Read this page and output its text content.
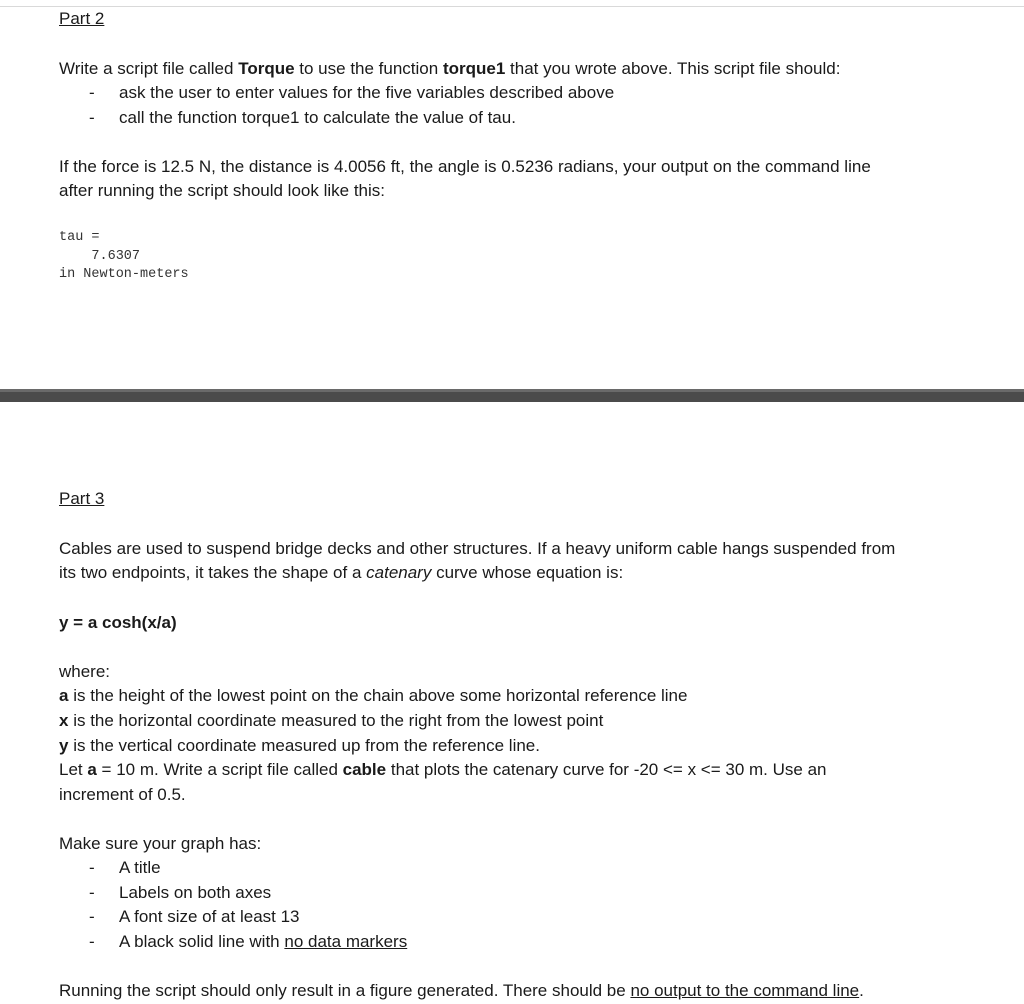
Part 2
Write a script file called Torque to use the function torque1 that you wrote above. This script file should:
- ask the user to enter values for the five variables described above
- call the function torque1 to calculate the value of tau.
If the force is 12.5 N, the distance is 4.0056 ft, the angle is 0.5236 radians, your output on the command line
after running the script should look like this:
tau =
7.6307
in Newton-meters
Part 3
Cables are used to suspend bridge decks and other structures. If a heavy uniform cable hangs suspended from
its two endpoints, it takes the shape of a catenary curve whose equation is:
y = a cosh(x/a)
where:
a is the height of the lowest point on the chain above some horizontal reference line
x is the horizontal coordinate measured to the right from the lowest point
y is the vertical coordinate measured up from the reference line.
Let a = 10 m. Write a script file called cable that plots the catenary curve for -20 <= x <= 30 m. Use an
increment of 0.5.
Make sure your graph has:
- A title
- Labels on both axes
- A font size of at least 13
- A black solid line with no data markers
Running the script should only result in a figure generated. There should be no output to the command line.
